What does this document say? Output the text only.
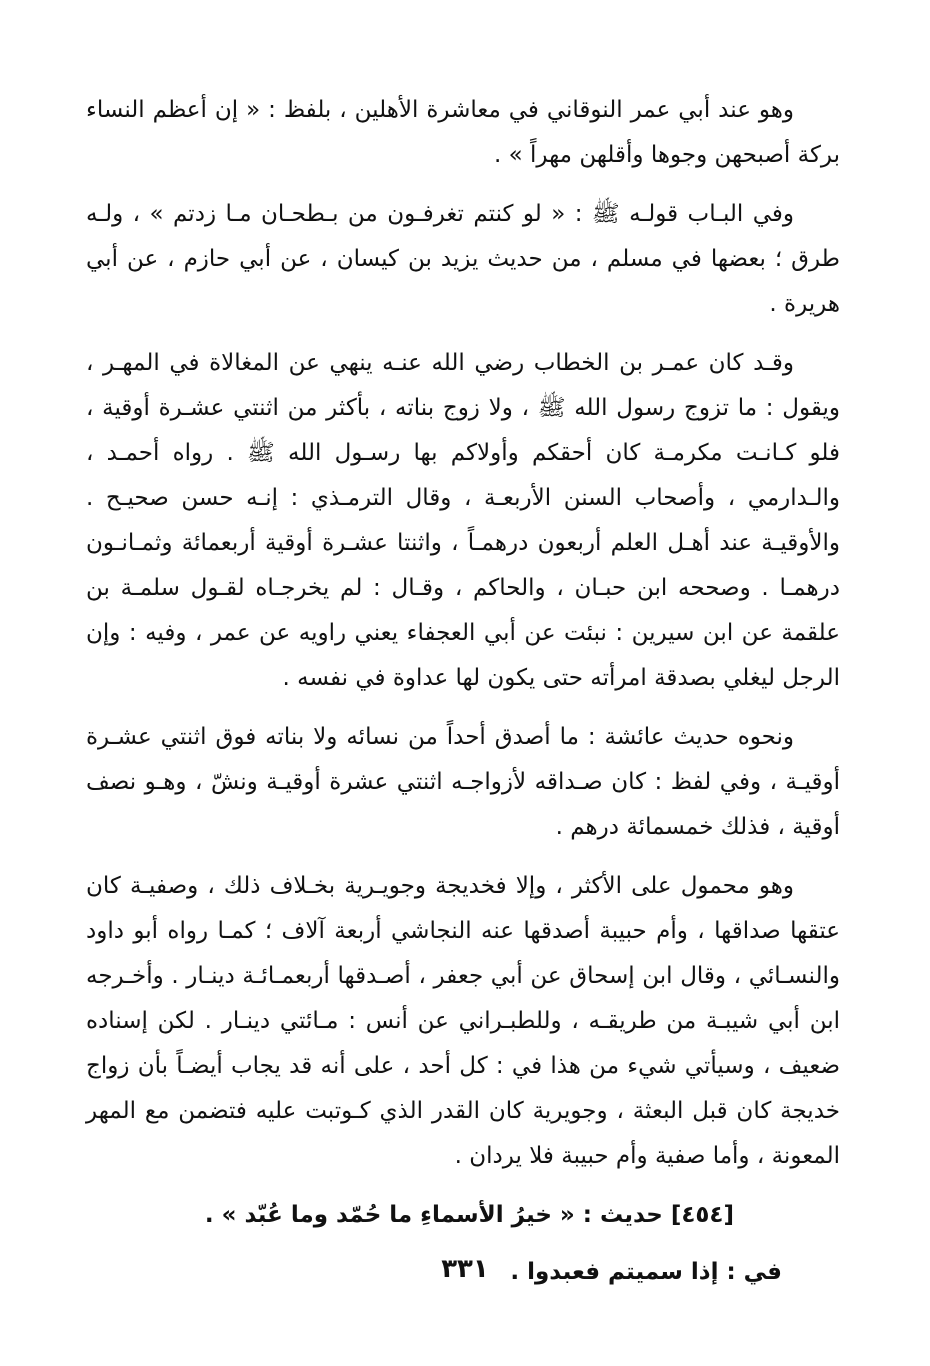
وهو عند أبي عمر النوقاني في معاشرة الأهلين ، بلفظ : « إن أعظم النساء بركة أصبحهن وجوها وأقلهن مهراً » .

وفي البـاب قولـه ﷺ : « لو كنتم تغرفـون من بـطحـان مـا زدتم » ، ولـه طرق ؛ بعضها في مسلم ، من حديث يزيد بن كيسان ، عن أبي حازم ، عن أبي هريرة .

وقـد كان عمـر بن الخطاب رضي الله عنـه ينهي عن المغالاة في المهـر ، ويقول : ما تزوج رسول الله ﷺ ، ولا زوج بناته ، بأكثر من اثنتي عشـرة أوقية ، فلو كـانـت مكرمـة كان أحقكم وأولاكم بها رسـول الله ﷺ . رواه أحمـد ، والـدارمي ، وأصحاب السنن الأربعـة ، وقال الترمـذي : إنـه حسن صحيـح . والأوقيـة عند أهـل العلم أربعون درهمـاً ، واثنتا عشـرة أوقية أربعمائة وثمـانـون درهمـا . وصححه ابن حبـان ، والحاكم ، وقـال : لم يخرجـاه لقـول سلمـة بن علقمة عن ابن سيرين : نبئت عن أبي العجفاء يعني راويه عن عمر ، وفيه : وإن الرجل ليغلي بصدقة امرأته حتى يكون لها عداوة في نفسه .

ونحوه حديث عائشة : ما أصدق أحداً من نسائه ولا بناته فوق اثنتي عشـرة أوقيـة ، وفي لفظ : كان صـداقه لأزواجـه اثنتي عشرة أوقيـة ونشّ ، وهـو نصف أوقية ، فذلك خمسمائة درهم .

وهو محمول على الأكثر ، وإلا فخديجة وجويـرية بخـلاف ذلك ، وصفيـة كان عتقها صداقها ، وأم حبيبة أصدقها عنه النجاشي أربعة آلاف ؛ كمـا رواه أبو داود والنسـائي ، وقال ابن إسحاق عن أبي جعفر ، أصـدقها أربعمـائـة دينـار . وأخـرجه ابن أبي شيبـة من طريقـه ، وللطبـراني عن أنس : مـائتي دينـار . لكن إسناده ضعيف ، وسيأتي شيء من هذا في : كل أحد ، على أنه قد يجاب أيضـاً بأن زواج خديجة كان قبل البعثة ، وجويرية كان القدر الذي كـوتبت عليه فتضمن مع المهر المعونة ، وأما صفية وأم حبيبة فلا يردان .

[٤٥٤] حديث : « خيرُ الأسماءِ ما حُمّد وما عُبّد » .

في : إذا سميتم فعبدوا .

٣٣١
